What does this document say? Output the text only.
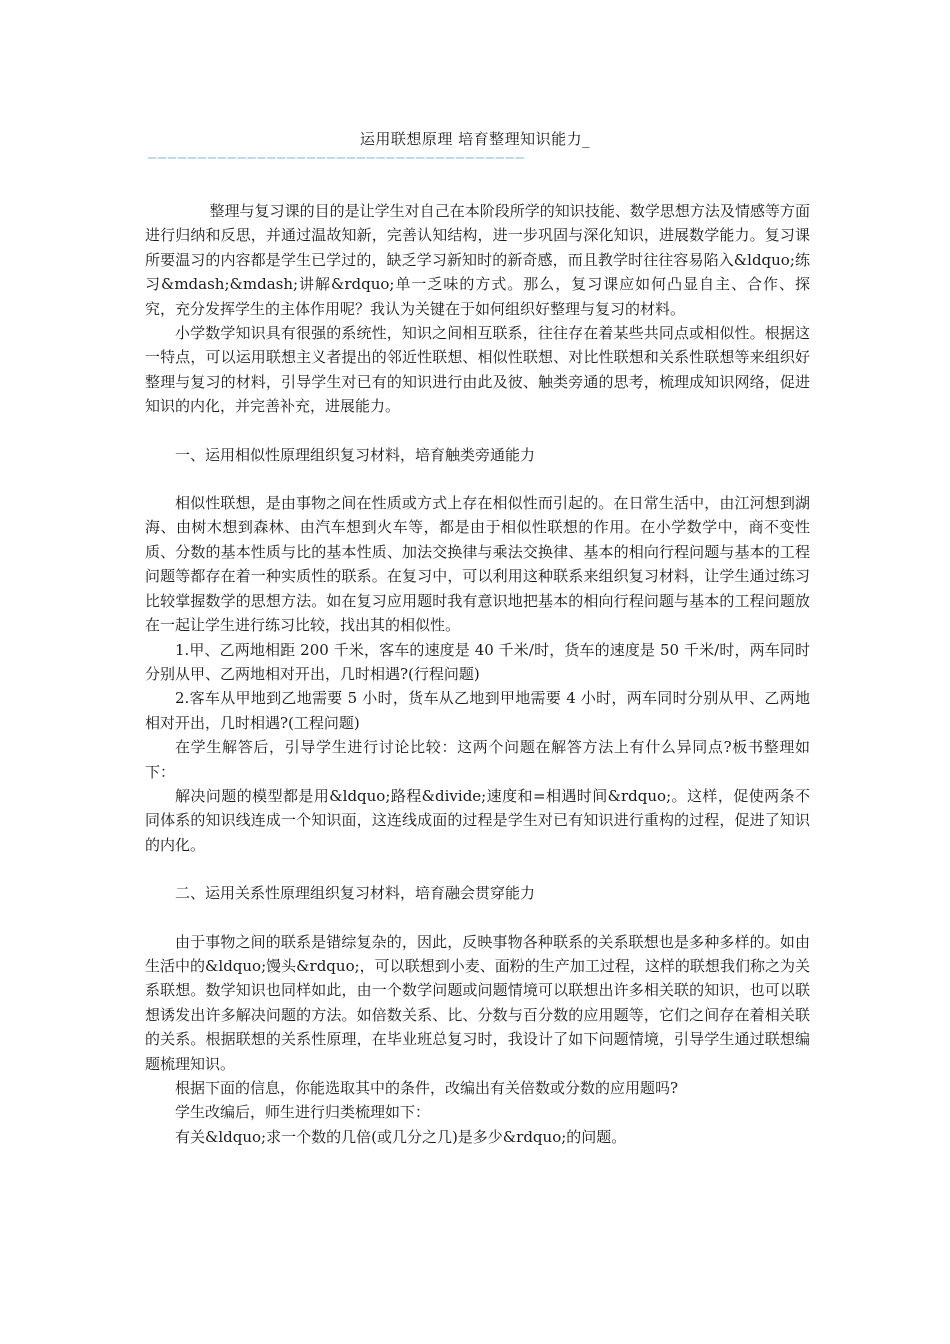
运用联想原理 培育整理知识能力_
——————————————————————————————————————

整理与复习课的目的是让学生对自己在本阶段所学的知识技能、数学思想方法及情感等方面进行归纳和反思，并通过温故知新，完善认知结构，进一步巩固与深化知识，进展数学能力。复习课所要温习的内容都是学生已学过的，缺乏学习新知时的新奇感，而且教学时往往容易陷入&ldquo;练习&mdash;&mdash;讲解&rdquo;单一乏味的方式。那么，复习课应如何凸显自主、合作、探究，充分发挥学生的主体作用呢？我认为关键在于如何组织好整理与复习的材料。

小学数学知识具有很强的系统性，知识之间相互联系，往往存在着某些共同点或相似性。根据这一特点，可以运用联想主义者提出的邻近性联想、相似性联想、对比性联想和关系性联想等来组织好整理与复习的材料，引导学生对已有的知识进行由此及彼、触类旁通的思考，梳理成知识网络，促进知识的内化，并完善补充，进展能力。

一、运用相似性原理组织复习材料，培育触类旁通能力

相似性联想，是由事物之间在性质或方式上存在相似性而引起的。在日常生活中，由江河想到湖海、由树木想到森林、由汽车想到火车等，都是由于相似性联想的作用。在小学数学中，商不变性质、分数的基本性质与比的基本性质、加法交换律与乘法交换律、基本的相向行程问题与基本的工程问题等都存在着一种实质性的联系。在复习中，可以利用这种联系来组织复习材料，让学生通过练习比较掌握数学的思想方法。如在复习应用题时我有意识地把基本的相向行程问题与基本的工程问题放在一起让学生进行练习比较，找出其的相似性。

1.甲、乙两地相距 200 千米，客车的速度是 40 千米/时，货车的速度是 50 千米/时，两车同时分别从甲、乙两地相对开出，几时相遇?(行程问题)

2.客车从甲地到乙地需要 5 小时，货车从乙地到甲地需要 4 小时，两车同时分别从甲、乙两地相对开出，几时相遇?(工程问题)

在学生解答后，引导学生进行讨论比较：这两个问题在解答方法上有什么异同点?板书整理如下：

解决问题的模型都是用&ldquo;路程&divide;速度和=相遇时间&rdquo;。这样，促使两条不同体系的知识线连成一个知识面，这连线成面的过程是学生对已有知识进行重构的过程，促进了知识的内化。

二、运用关系性原理组织复习材料，培育融会贯穿能力

由于事物之间的联系是错综复杂的，因此，反映事物各种联系的关系联想也是多种多样的。如由生活中的&ldquo;馒头&rdquo;，可以联想到小麦、面粉的生产加工过程，这样的联想我们称之为关系联想。数学知识也同样如此，由一个数学问题或问题情境可以联想出许多相关联的知识，也可以联想诱发出许多解决问题的方法。如倍数关系、比、分数与百分数的应用题等，它们之间存在着相关联的关系。根据联想的关系性原理，在毕业班总复习时，我设计了如下问题情境，引导学生通过联想编题梳理知识。

根据下面的信息，你能选取其中的条件，改编出有关倍数或分数的应用题吗?

学生改编后，师生进行归类梳理如下：

有关&ldquo;求一个数的几倍(或几分之几)是多少&rdquo;的问题。
